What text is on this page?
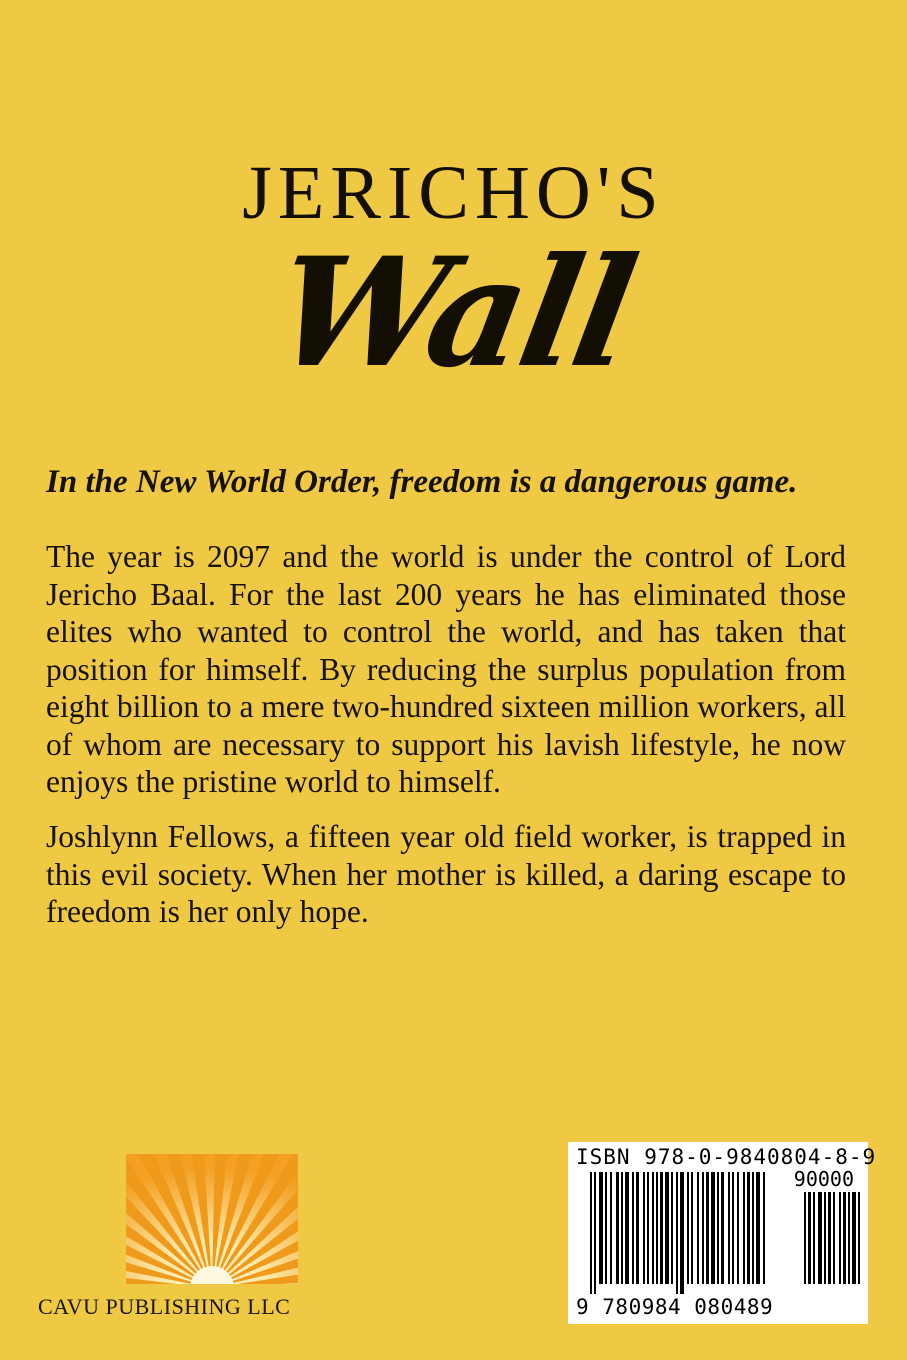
JERICHO'S
Wall
In the New World Order, freedom is a dangerous game.
The year is 2097 and the world is under the control of Lord Jericho Baal. For the last 200 years he has eliminated those elites who wanted to control the world, and has taken that position for himself. By reducing the surplus population from eight billion to a mere two-hundred sixteen million workers, all of whom are necessary to support his lavish lifestyle, he now enjoys the pristine world to himself.
Joshlynn Fellows, a fifteen year old field worker, is trapped in this evil society. When her mother is killed, a daring escape to freedom is her only hope.
CAVU PUBLISHING LLC
ISBN 978-0-9840804-8-9
90000
9 780984 080489
